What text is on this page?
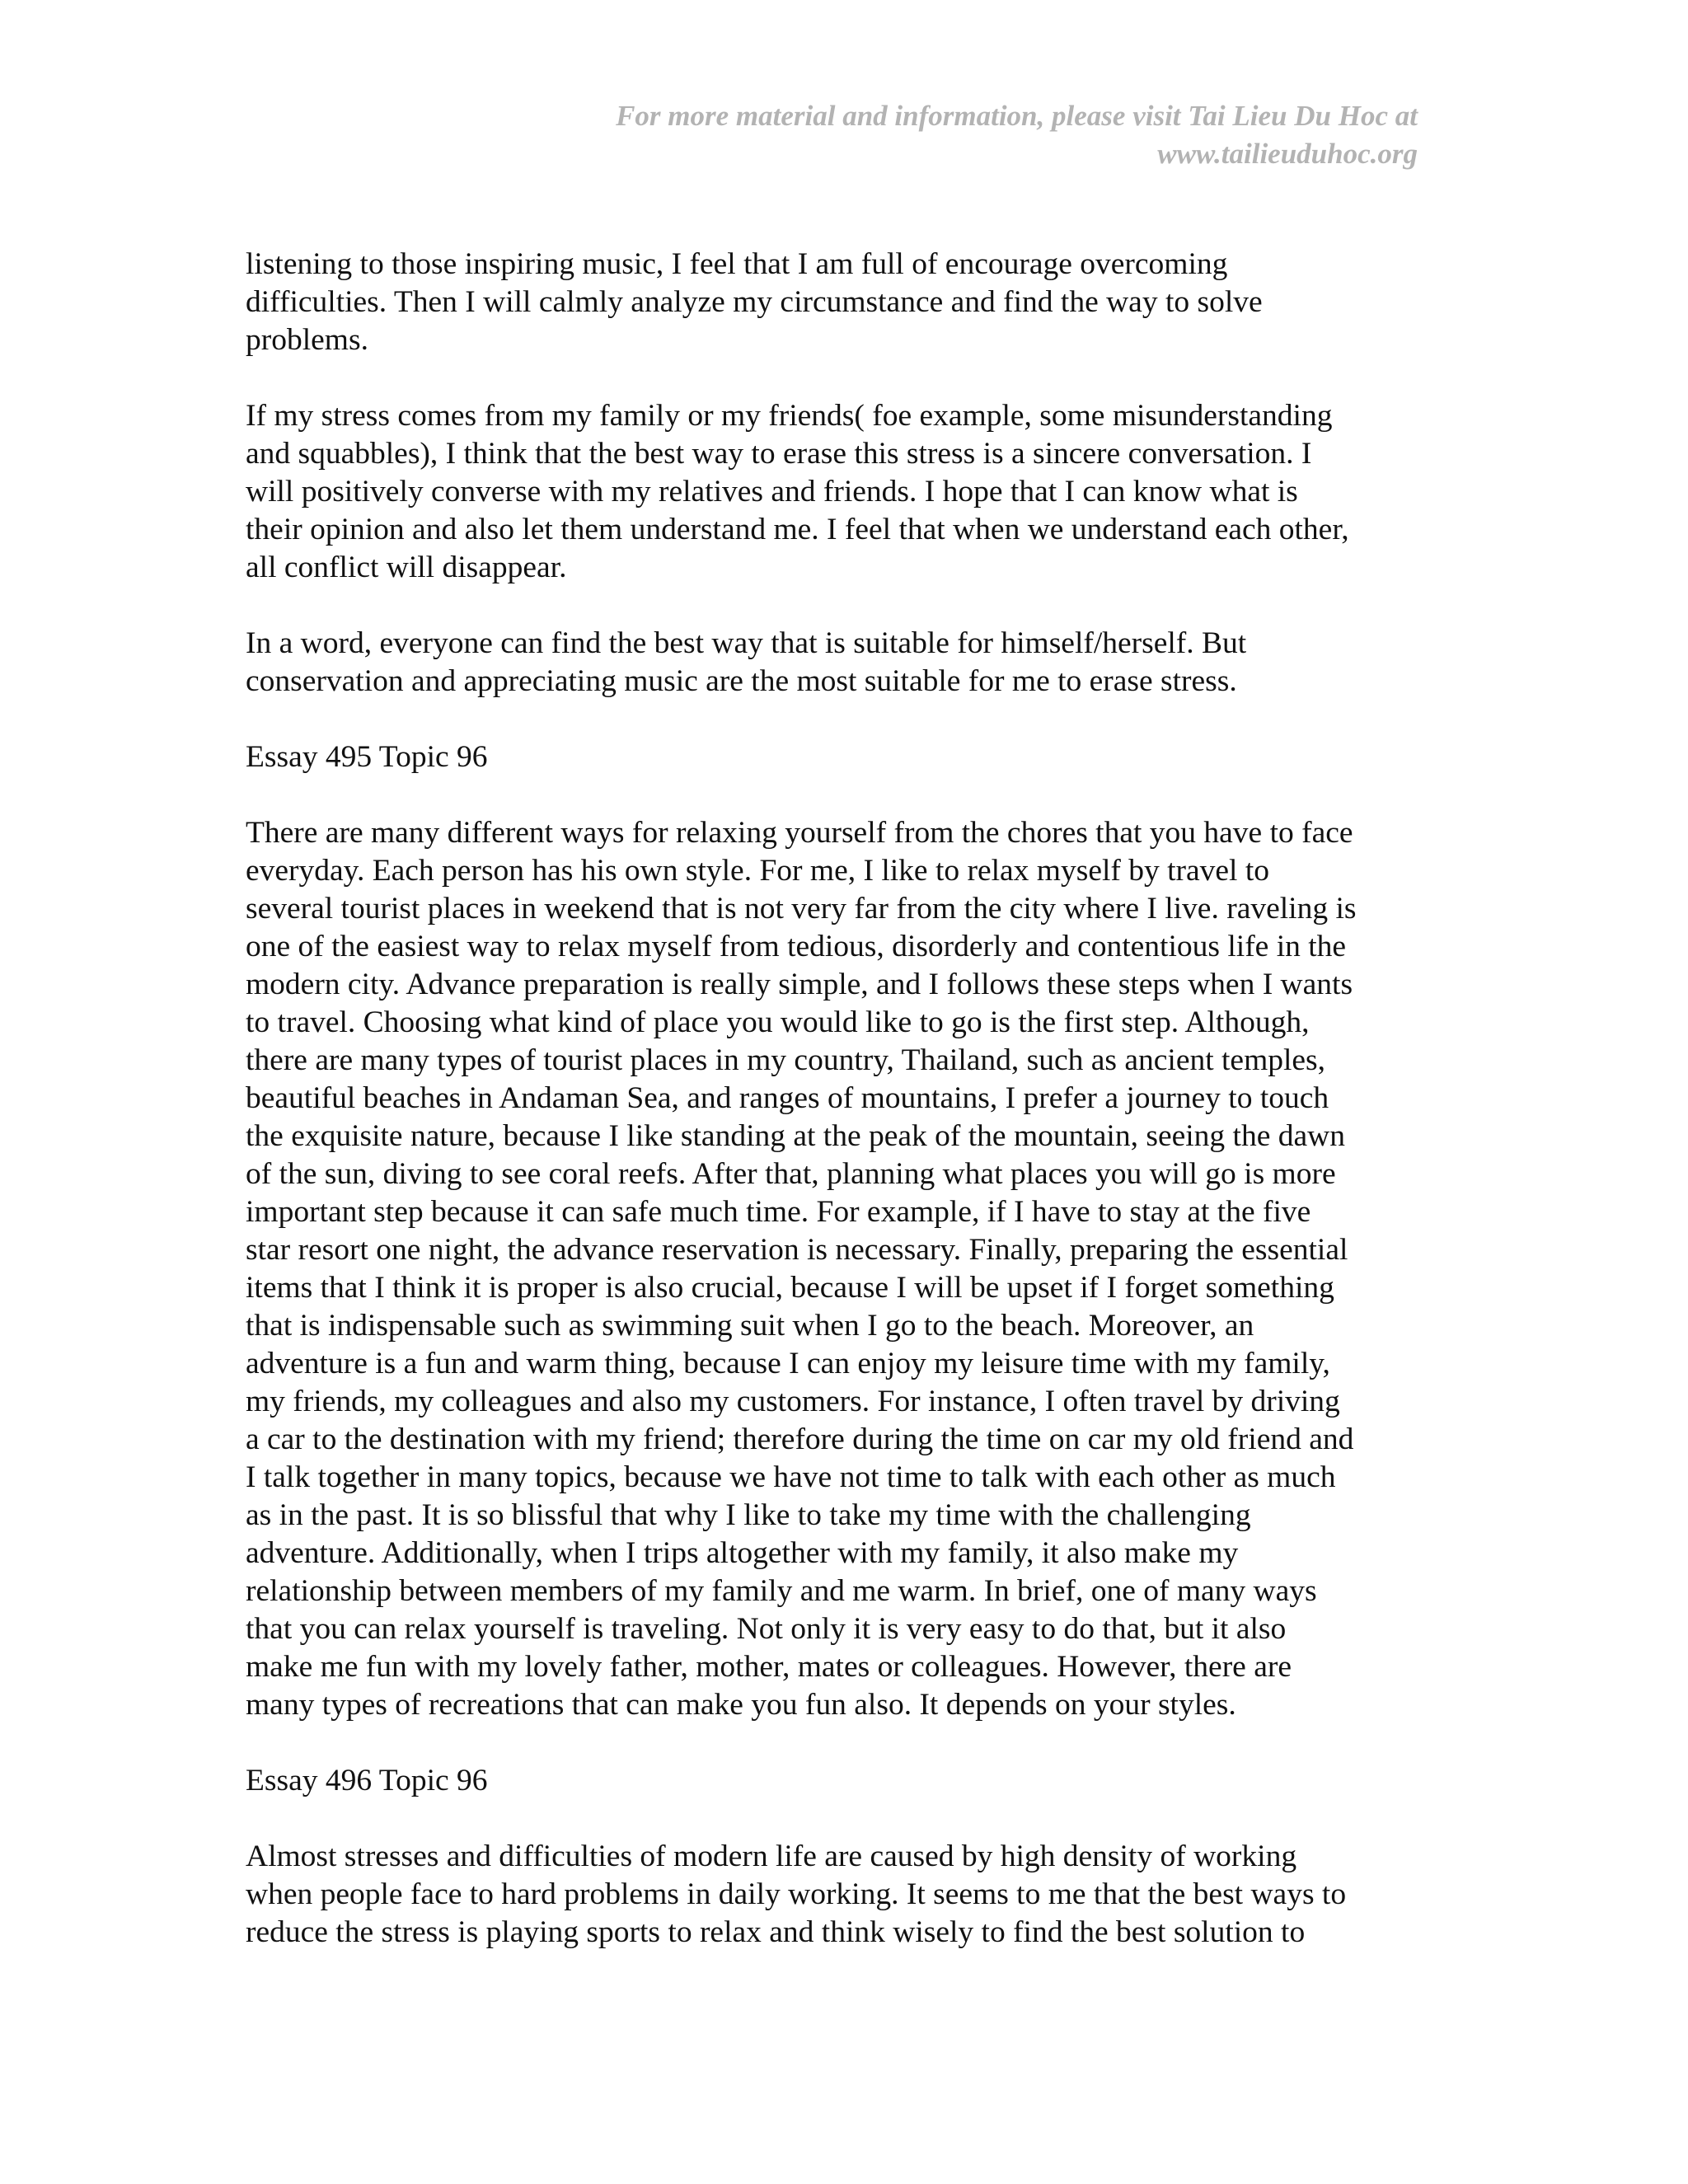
For more material and information, please visit Tai Lieu Du Hoc at
www.tailieuduhoc.org
listening to those inspiring music, I feel that I am full of encourage overcoming
difficulties. Then I will calmly analyze my circumstance and find the way to solve
problems.
If my stress comes from my family or my friends( foe example, some misunderstanding
and squabbles), I think that the best way to erase this stress is a sincere conversation. I
will positively converse with my relatives and friends. I hope that I can know what is
their opinion and also let them understand me. I feel that when we understand each other,
all conflict will disappear.
In a word, everyone can find the best way that is suitable for himself/herself. But
conservation and appreciating music are the most suitable for me to erase stress.
Essay 495 Topic 96
There are many different ways for relaxing yourself from the chores that you have to face
everyday. Each person has his own style. For me, I like to relax myself by travel to
several tourist places in weekend that is not very far from the city where I live. raveling is
one of the easiest way to relax myself from tedious, disorderly and contentious life in the
modern city. Advance preparation is really simple, and I follows these steps when I wants
to travel. Choosing what kind of place you would like to go is the first step. Although,
there are many types of tourist places in my country, Thailand, such as ancient temples,
beautiful beaches in Andaman Sea, and ranges of mountains, I prefer a journey to touch
the exquisite nature, because I like standing at the peak of the mountain, seeing the dawn
of the sun, diving to see coral reefs. After that, planning what places you will go is more
important step because it can safe much time. For example, if I have to stay at the five
star resort one night, the advance reservation is necessary. Finally, preparing the essential
items that I think it is proper is also crucial, because I will be upset if I forget something
that is indispensable such as swimming suit when I go to the beach. Moreover, an
adventure is a fun and warm thing, because I can enjoy my leisure time with my family,
my friends, my colleagues and also my customers. For instance, I often travel by driving
a car to the destination with my friend; therefore during the time on car my old friend and
I talk together in many topics, because we have not time to talk with each other as much
as in the past. It is so blissful that why I like to take my time with the challenging
adventure. Additionally, when I trips altogether with my family, it also make my
relationship between members of my family and me warm. In brief, one of many ways
that you can relax yourself is traveling. Not only it is very easy to do that, but it also
make me fun with my lovely father, mother, mates or colleagues. However, there are
many types of recreations that can make you fun also. It depends on your styles.
Essay 496 Topic 96
Almost stresses and difficulties of modern life are caused by high density of working
when people face to hard problems in daily working. It seems to me that the best ways to
reduce the stress is playing sports to relax and think wisely to find the best solution to
